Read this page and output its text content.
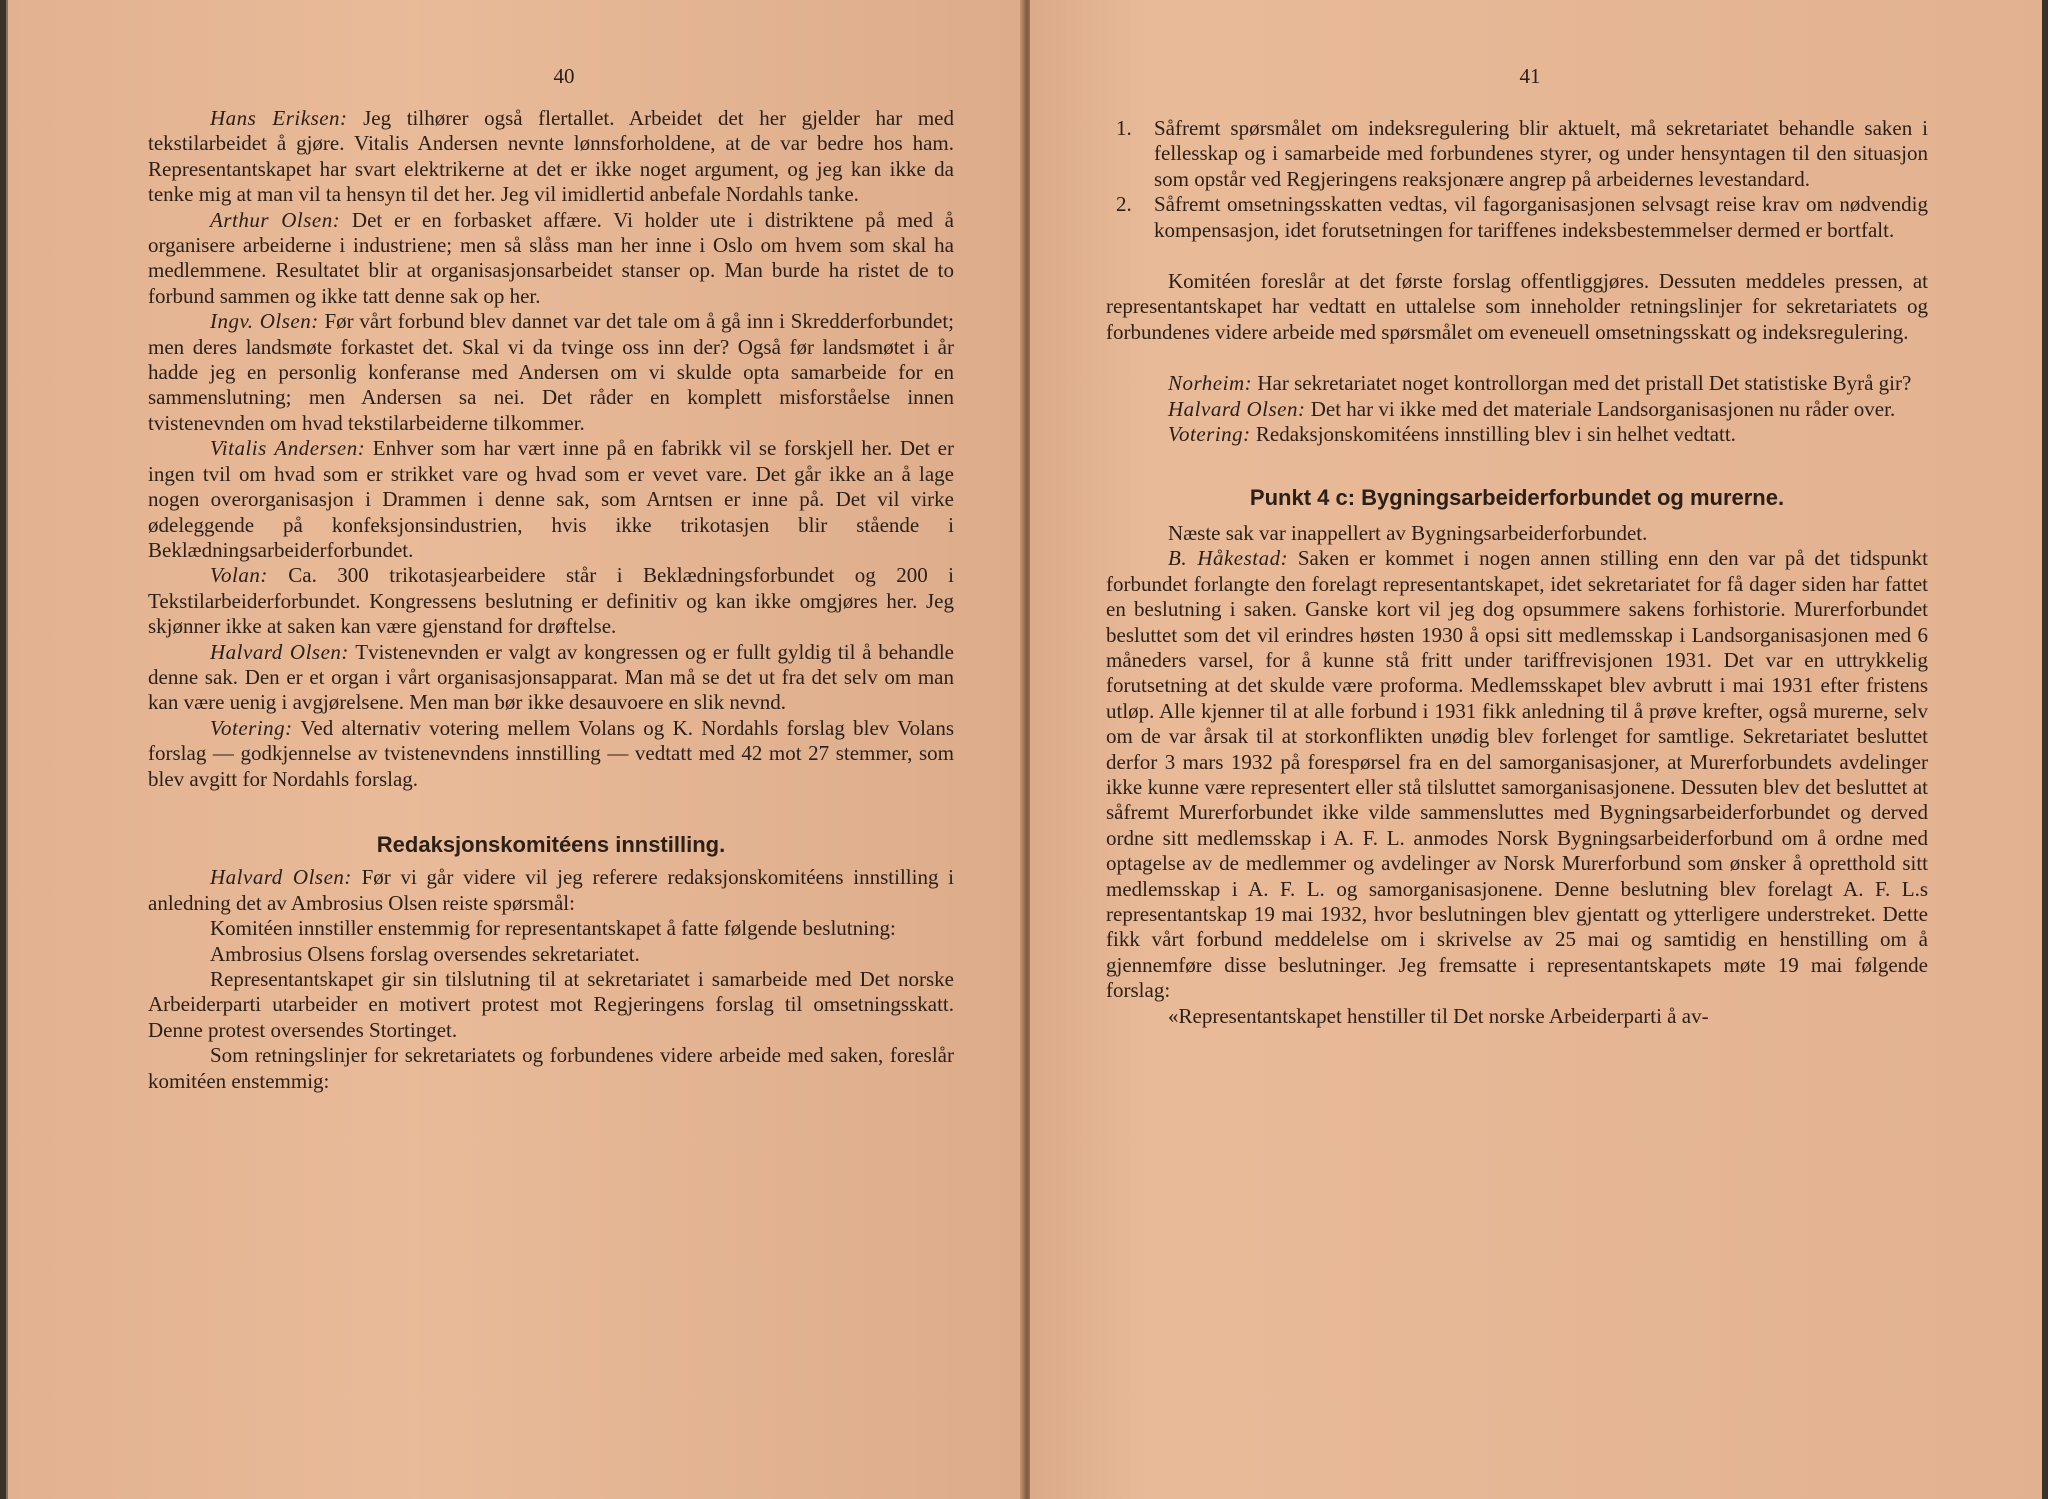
40

Hans Eriksen: Jeg tilhører også flertallet. Arbeidet det her gjelder har med tekstilarbeidet å gjøre. Vitalis Andersen nevnte lønnsforholdene, at de var bedre hos ham. Representantskapet har svart elektrikerne at det er ikke noget argument, og jeg kan ikke da tenke mig at man vil ta hensyn til det her. Jeg vil imidlertid anbefale Nordahls tanke.

Arthur Olsen: Det er en forbasket affære. Vi holder ute i distriktene på med å organisere arbeiderne i industriene; men så slåss man her inne i Oslo om hvem som skal ha medlemmene. Resultatet blir at organisasjonsarbeidet stanser op. Man burde ha ristet de to forbund sammen og ikke tatt denne sak op her.

Ingv. Olsen: Før vårt forbund blev dannet var det tale om å gå inn i Skredderforbundet; men deres landsmøte forkastet det. Skal vi da tvinge oss inn der? Også før landsmøtet i år hadde jeg en personlig konferanse med Andersen om vi skulde opta samarbeide for en sammenslutning; men Andersen sa nei. Det råder en komplett misforståelse innen tvistenevnden om hvad tekstilarbeiderne tilkommer.

Vitalis Andersen: Enhver som har vært inne på en fabrikk vil se forskjell her. Det er ingen tvil om hvad som er strikket vare og hvad som er vevet vare. Det går ikke an å lage nogen overorganisasjon i Drammen i denne sak, som Arntsen er inne på. Det vil virke ødeleggende på konfeksjonsindustrien, hvis ikke trikotasjen blir stående i Beklædningsarbeiderforbundet.

Volan: Ca. 300 trikotasjearbeidere står i Beklædningsforbundet og 200 i Tekstilarbeiderforbundet. Kongressens beslutning er definitiv og kan ikke omgjøres her. Jeg skjønner ikke at saken kan være gjenstand for drøftelse.

Halvard Olsen: Tvistenevnden er valgt av kongressen og er fullt gyldig til å behandle denne sak. Den er et organ i vårt organisasjonsapparat. Man må se det ut fra det selv om man kan være uenig i avgjørelsene. Men man bør ikke desauvoere en slik nevnd.

Votering: Ved alternativ votering mellem Volans og K. Nordahls forslag blev Volans forslag — godkjennelse av tvistenevndens innstilling — vedtatt med 42 mot 27 stemmer, som blev avgitt for Nordahls forslag.

Redaksjonskomitéens innstilling.

Halvard Olsen: Før vi går videre vil jeg referere redaksjonskomitéens innstilling i anledning det av Ambrosius Olsen reiste spørsmål:

Komitéen innstiller enstemmig for representantskapet å fatte følgende beslutning:

Ambrosius Olsens forslag oversendes sekretariatet.

Representantskapet gir sin tilslutning til at sekretariatet i samarbeide med Det norske Arbeiderparti utarbeider en motivert protest mot Regjeringens forslag til omsetningsskatt. Denne protest oversendes Stortinget.

Som retningslinjer for sekretariatets og forbundenes videre arbeide med saken, foreslår komitéen enstemmig:

41
1. Såfremt spørsmålet om indeksregulering blir aktuelt, må sekretariatet behandle saken i fellesskap og i samarbeide med forbundenes styrer, og under hensyntagen til den situasjon som opstår ved Regjeringens reaksjonære angrep på arbeidernes levestandard.
2. Såfremt omsetningsskatten vedtas, vil fagorganisasjonen selvsagt reise krav om nødvendig kompensasjon, idet forutsetningen for tariffenes indeksbestemmelser dermed er bortfalt.

Komitéen foreslår at det første forslag offentliggjøres. Dessuten meddeles pressen, at representantskapet har vedtatt en uttalelse som inneholder retningslinjer for sekretariatets og forbundenes videre arbeide med spørsmålet om eveneuell omsetningsskatt og indeksregulering.

Norheim: Har sekretariatet noget kontrollorgan med det pristall Det statistiske Byrå gir?

Halvard Olsen: Det har vi ikke med det materiale Landsorganisasjonen nu råder over.

Votering: Redaksjonskomitéens innstilling blev i sin helhet vedtatt.

Punkt 4 c: Bygningsarbeiderforbundet og murerne.

Næste sak var inappellert av Bygningsarbeiderforbundet.

B. Håkestad: Saken er kommet i nogen annen stilling enn den var på det tidspunkt forbundet forlangte den forelagt representantskapet, idet sekretariatet for få dager siden har fattet en beslutning i saken. Ganske kort vil jeg dog opsummere sakens forhistorie. Murerforbundet besluttet som det vil erindres høsten 1930 å opsi sitt medlemsskap i Landsorganisasjonen med 6 måneders varsel, for å kunne stå fritt under tariffrevisjonen 1931. Det var en uttrykkelig forutsetning at det skulde være proforma. Medlemsskapet blev avbrutt i mai 1931 efter fristens utløp. Alle kjenner til at alle forbund i 1931 fikk anledning til å prøve krefter, også murerne, selv om de var årsak til at storkonflikten unødig blev forlenget for samtlige. Sekretariatet besluttet derfor 3 mars 1932 på forespørsel fra en del samorganisasjoner, at Murerforbundets avdelinger ikke kunne være representert eller stå tilsluttet samorganisasjonene. Dessuten blev det besluttet at såfremt Murerforbundet ikke vilde sammensluttes med Bygningsarbeiderforbundet og derved ordne sitt medlemsskap i A. F. L. anmodes Norsk Bygningsarbeiderforbund om å ordne med optagelse av de medlemmer og avdelinger av Norsk Murerforbund som ønsker å opretthold sitt medlemsskap i A. F. L. og samorganisasjonene. Denne beslutning blev forelagt A. F. L.s representantskap 19 mai 1932, hvor beslutningen blev gjentatt og ytterligere understreket. Dette fikk vårt forbund meddelelse om i skrivelse av 25 mai og samtidig en henstilling om å gjennemføre disse beslutninger. Jeg fremsatte i representantskapets møte 19 mai følgende forslag:

«Representantskapet henstiller til Det norske Arbeiderparti å av-
